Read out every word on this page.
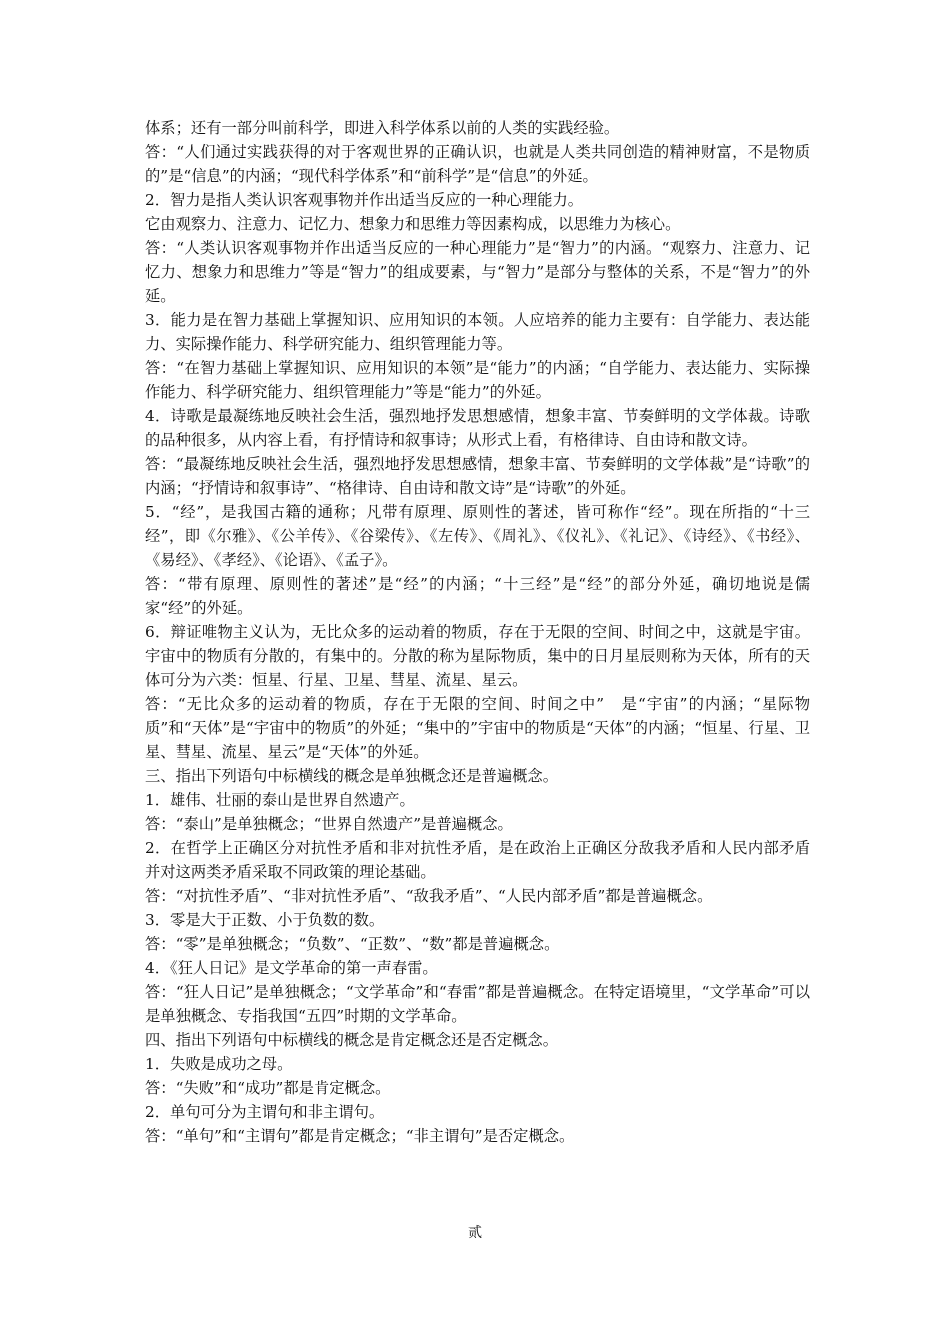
体系；还有一部分叫前科学，即进入科学体系以前的人类的实践经验。

答：“人们通过实践获得的对于客观世界的正确认识，也就是人类共同创造的精神财富，不是物质的”是“信息”的内涵；“现代科学体系”和“前科学”是“信息”的外延。

2．智力是指人类认识客观事物并作出适当反应的一种心理能力。

它由观察力、注意力、记忆力、想象力和思维力等因素构成，以思维力为核心。

答：“人类认识客观事物并作出适当反应的一种心理能力”是“智力”的内涵。“观察力、注意力、记忆力、想象力和思维力”等是“智力”的组成要素，与“智力”是部分与整体的关系，不是“智力”的外延。

3．能力是在智力基础上掌握知识、应用知识的本领。人应培养的能力主要有：自学能力、表达能力、实际操作能力、科学研究能力、组织管理能力等。

答：“在智力基础上掌握知识、应用知识的本领”是“能力”的内涵；“自学能力、表达能力、实际操作能力、科学研究能力、组织管理能力”等是“能力”的外延。

4．诗歌是最凝练地反映社会生活，强烈地抒发思想感情，想象丰富、节奏鲜明的文学体裁。诗歌的品种很多，从内容上看，有抒情诗和叙事诗；从形式上看，有格律诗、自由诗和散文诗。

答：“最凝练地反映社会生活，强烈地抒发思想感情，想象丰富、节奏鲜明的文学体裁”是“诗歌”的内涵；“抒情诗和叙事诗”、“格律诗、自由诗和散文诗”是“诗歌”的外延。

5．“经”，是我国古籍的通称；凡带有原理、原则性的著述，皆可称作“经”。现在所指的“十三经”，即《尔雅》、《公羊传》、《谷梁传》、《左传》、《周礼》、《仪礼》、《礼记》、《诗经》、《书经》、《易经》、《孝经》、《论语》、《孟子》。

答：“带有原理、原则性的著述”是“经”的内涵；“十三经”是“经”的部分外延，确切地说是儒家“经”的外延。

6．辩证唯物主义认为，无比众多的运动着的物质，存在于无限的空间、时间之中，这就是宇宙。宇宙中的物质有分散的，有集中的。分散的称为星际物质，集中的日月星辰则称为天体，所有的天体可分为六类：恒星、行星、卫星、彗星、流星、星云。

答：“无比众多的运动着的物质，存在于无限的空间、时间之中”　是“宇宙”的内涵；“星际物质”和“天体”是“宇宙中的物质”的外延；“集中的”宇宙中的物质是“天体”的内涵；“恒星、行星、卫星、彗星、流星、星云”是“天体”的外延。

三、指出下列语句中标横线的概念是单独概念还是普遍概念。

1．雄伟、壮丽的泰山是世界自然遗产。

答：“泰山”是单独概念；“世界自然遗产”是普遍概念。

2．在哲学上正确区分对抗性矛盾和非对抗性矛盾，是在政治上正确区分敌我矛盾和人民内部矛盾并对这两类矛盾采取不同政策的理论基础。

答：“对抗性矛盾”、“非对抗性矛盾”、“敌我矛盾”、“人民内部矛盾”都是普遍概念。

3．零是大于正数、小于负数的数。

答：“零”是单独概念；“负数”、“正数”、“数”都是普遍概念。

4．《狂人日记》是文学革命的第一声春雷。

答：“狂人日记”是单独概念；“文学革命”和“春雷”都是普遍概念。在特定语境里，“文学革命”可以是单独概念、专指我国“五四”时期的文学革命。

四、指出下列语句中标横线的概念是肯定概念还是否定概念。

1．失败是成功之母。

答：“失败”和“成功”都是肯定概念。

2．单句可分为主谓句和非主谓句。

答：“单句”和“主谓句”都是肯定概念；“非主谓句”是否定概念。

贰
